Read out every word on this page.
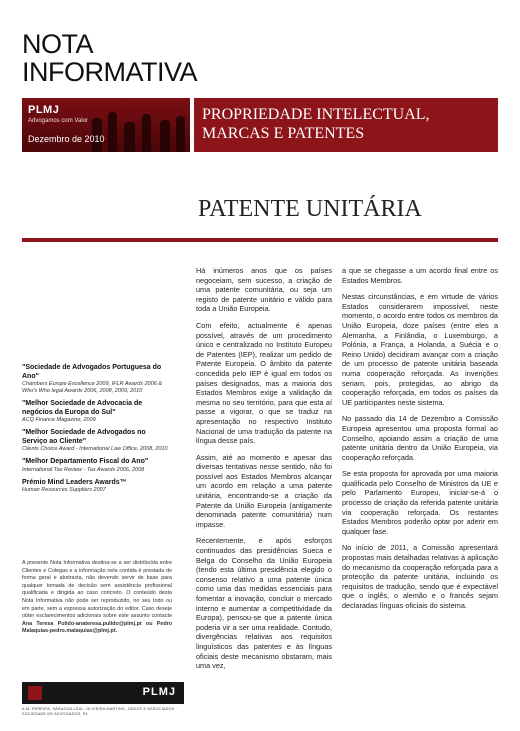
NOTA
INFORMATIVA
PLMJ
Advogamos com Valor
Dezembro de 2010
PROPRIEDADE INTELECTUAL,
MARCAS E PATENTES
PATENTE UNITÁRIA
"Sociedade de Advogados Portuguesa do Ano"
Chambers Europe Excellence 2009, IFLR Awards 2006 & Who's Who legal Awards 2006, 2008, 2009, 2010
"Melhor Sociedade de Advocacia de negócios da Europa do Sul"
ACQ Finance Magazine, 2009
"Melhor Sociedade de Advogados no Serviço ao Cliente"
Clients Choice Award - International Law Office, 2008, 2010
"Melhor Departamento Fiscal do Ano"
International Tax Review - Tax Awards 2006, 2008
Prémio Mind Leaders Awards™
Human Resources Suppliers 2007
A presente Nota Informativa destina-se a ser distribuída entre Clientes e Colegas e a informação nela contida é prestada de forma geral e abstracta, não devendo servir de base para qualquer tomada de decisão sem assistência profissional qualificada e dirigida ao caso concreto. O conteúdo desta Nota Informativa não pode ser reproduzido, no seu todo ou em parte, sem a expressa autorização do editor. Caso deseje obter esclarecimentos adicionais sobre este assunto contacte Ana Teresa Pulido-anateresa.pulido@plmj.pt ou Pedro Malaquias-pedro.malaquias@plmj.pt.
PLMJ
A.M. PEREIRA, SÁRAGGA LEAL, OLIVEIRA MARTINS, JÚDICE E ASSOCIADOS · SOCIEDADE DE ADVOGADOS, RL

Há inúmeros anos que os países negoceiam, sem sucesso, a criação de uma patente comunitária, ou seja um registo de patente unitário e válido para toda a União Europeia.

Com efeito, actualmente é apenas possível, através de um procedimento único e centralizado no Instituto Europeu de Patentes (IEP), realizar um pedido de Patente Europeia. O âmbito da patente concedida pelo IEP é igual em todos os países designados, mas a maioria dos Estados Membros exige a validação da mesma no seu território, para que esta aí passe a vigorar, o que se traduz na apresentação no respectivo Instituto Nacional de uma tradução da patente na língua desse país.

Assim, até ao momento e apesar das diversas tentativas nesse sentido, não foi possível aos Estados Membros alcançar um acordo em relação a uma patente unitária, encontrando-se a criação da Patente da União Europeia (antigamente denominada patente comunitária) num impasse.

Recentemente, e após esforços continuados das presidências Sueca e Belga do Conselho da União Europeia (tendo esta última presidência elegido o consenso relativo a uma patente única como uma das medidas essenciais para fomentar a inovação, concluir o mercado interno e aumentar a competitividade da Europa), pensou-se que a patente única poderia vir a ser uma realidade. Contudo, divergências relativas aos requisitos linguísticos das patentes e às línguas oficiais deste mecanismo obstaram, mais uma vez,

a que se chegasse a um acordo final entre os Estados Membros.

Nestas circunstâncias, e em virtude de vários Estados considerarem impossível, neste momento, o acordo entre todos os membros da União Europeia, doze países (entre eles a Alemanha, a Finlândia, o Luxemburgo, a Polónia, a França, a Holanda, a Suécia e o Reino Unido) decidiram avançar com a criação de um processo de patente unitária baseada numa cooperação reforçada. As invenções seriam, pois, protegidas, ao abrigo da cooperação reforçada, em todos os países da UE participantes neste sistema.

No passado dia 14 de Dezembro a Comissão Europeia apresentou uma proposta formal ao Conselho, apoiando assim a criação de uma patente unitária dentro da União Europeia, via cooperação reforçada.

Se esta proposta for aprovada por uma maioria qualificada pelo Conselho de Ministros da UE e pelo Parlamento Europeu, iniciar-se-á o processo de criação da referida patente unitária via cooperação reforçada. Os restantes Estados Membros poderão optar por aderir em qualquer fase.

No início de 2011, a Comissão apresentará propostas mais detalhadas relativas à aplicação do mecanismo da cooperação reforçada para a protecção da patente unitária, incluindo os requisitos de tradução, sendo que é expectável que o inglês, o alemão e o francês sejam declaradas línguas oficiais do sistema.
